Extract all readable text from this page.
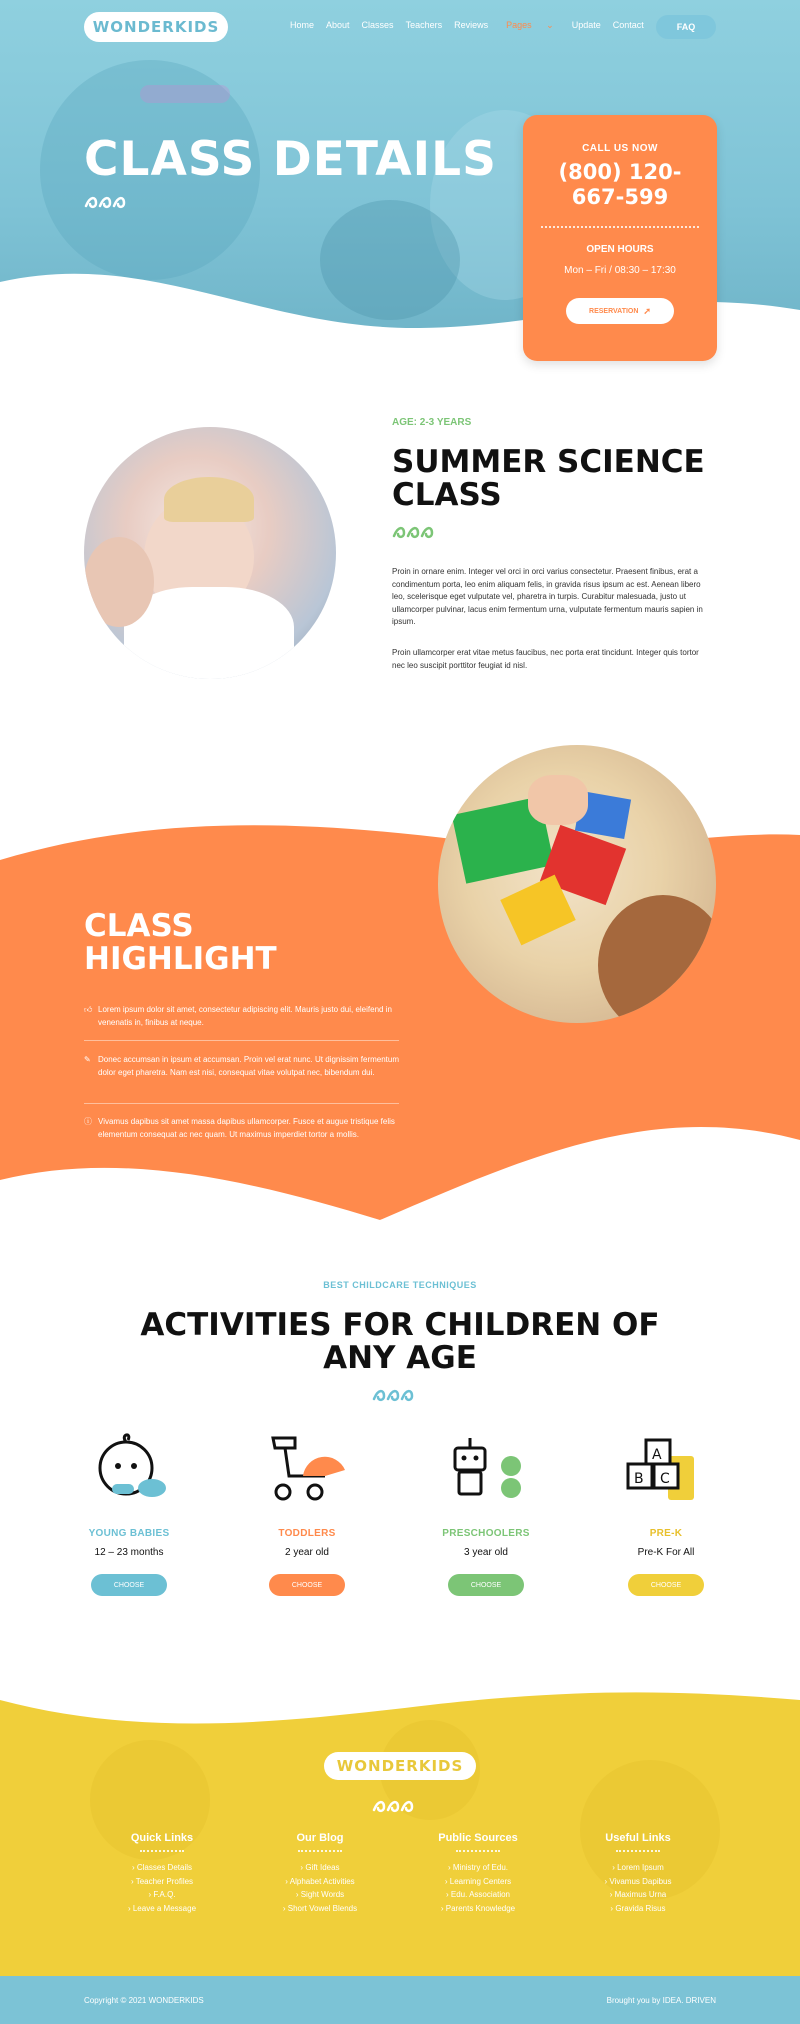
WONDERKIDS	Home	About	Classes	Teachers	Reviews	Pages ⌄	Update	Contact	FAQ
CLASS DETAILS	CALL US NOW
(800) 120-
667-599
OPEN HOURS
Mon – Fri / 08:30 – 17:30
RESERVATION ➚
AGE: 2-3 YEARS
SUMMER SCIENCE
CLASS

Proin in ornare enim. Integer vel orci in orci varius consectetur. Praesent finibus, erat a condimentum porta, leo enim aliquam felis, in gravida risus ipsum ac est. Aenean libero leo, scelerisque eget vulputate vel, pharetra in turpis. Curabitur malesuada, justo ut ullamcorper pulvinar, lacus enim fermentum urna, vulputate fermentum mauris sapien in ipsum.

Proin ullamcorper erat vitae metus faucibus, nec porta erat tincidunt. Integer quis tortor nec leo suscipit porttitor feugiat id nisl.

CLASS
HIGHLIGHT
👍︎ Lorem ipsum dolor sit amet, consectetur adipiscing elit. Mauris justo dui, eleifend in venenatis in, finibus at neque.
✎ Donec accumsan in ipsum et accumsan. Proin vel erat nunc. Ut dignissim fermentum dolor eget pharetra. Nam est nisi, consequat vitae volutpat nec, bibendum dui.
ⓘ Vivamus dapibus sit amet massa dapibus ullamcorper. Fusce et augue tristique felis elementum consequat ac nec quam. Ut maximus imperdiet tortor a mollis.
BEST CHILDCARE TECHNIQUES
ACTIVITIES FOR CHILDREN OF
ANY AGE
A
B C
YOUNG BABIES
12 – 23 months
CHOOSE
TODDLERS
2 year old
CHOOSE
PRESCHOOLERS
3 year old
CHOOSE
PRE-K
Pre-K For All
CHOOSE
WONDERKIDS
Quick Links
› Classes Details
› Teacher Profiles
› F.A.Q.
› Leave a Message
Our Blog
› Gift Ideas
› Alphabet Activities
› Sight Words
› Short Vowel Blends
Public Sources
› Ministry of Edu.
› Learning Centers
› Edu. Association
› Parents Knowledge
Useful Links
› Lorem Ipsum
› Vivamus Dapibus
› Maximus Urna
› Gravida Risus
Copyright © 2021 WONDERKIDS	Brought you by IDEA. DRIVEN
